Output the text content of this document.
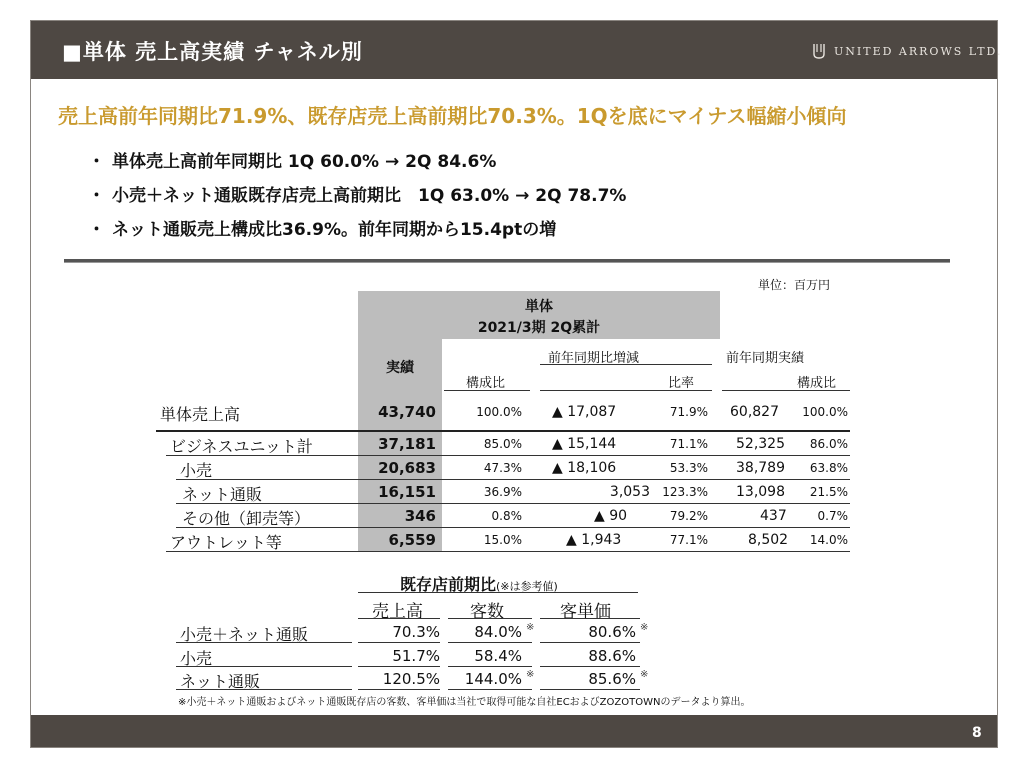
■単体 売上高実績 チャネル別	UNITED ARROWS LTD.
売上高前年同期比71.9%、既存店売上高前期比70.3%。1Qを底にマイナス幅縮小傾向
・ 単体売上高前年同期比 1Q 60.0% → 2Q 84.6%
・ 小売＋ネット通販既存店売上高前期比　1Q 63.0% → 2Q 78.7%
・ ネット通販売上構成比36.9%。前年同期から15.4ptの増
単位：百万円
単体
2021/3期 2Q累計
実績
構成比
前年同期比増減
比率
前年同期実績
構成比
単体売上高	43,740	100.0% ▲ 17,087	71.9% 60,827	100.0%
ビジネスユニット計	37,181	85.0% ▲ 15,144	71.1% 52,325	86.0%
小売	20,683	47.3% ▲ 18,106	53.3% 38,789	63.8%
ネット通販	16,151	36.9%	3,053	123.3% 13,098	21.5%
その他（卸売等）	346	0.8%	▲ 90	79.2%	437	0.7%
アウトレット等	6,559	15.0%	▲ 1,943	77.1%	8,502	14.0%
既存店前期比(※は参考値)
売上高	客数	客単価
小売＋ネット通販	70.3%	84.0% ※	80.6% ※
小売	51.7%	58.4%	88.6%
ネット通販	120.5%	144.0% ※	85.6% ※
※小売＋ネット通販およびネット通販既存店の客数、客単価は当社で取得可能な自社ECおよびZOZOTOWNのデータより算出。
8
